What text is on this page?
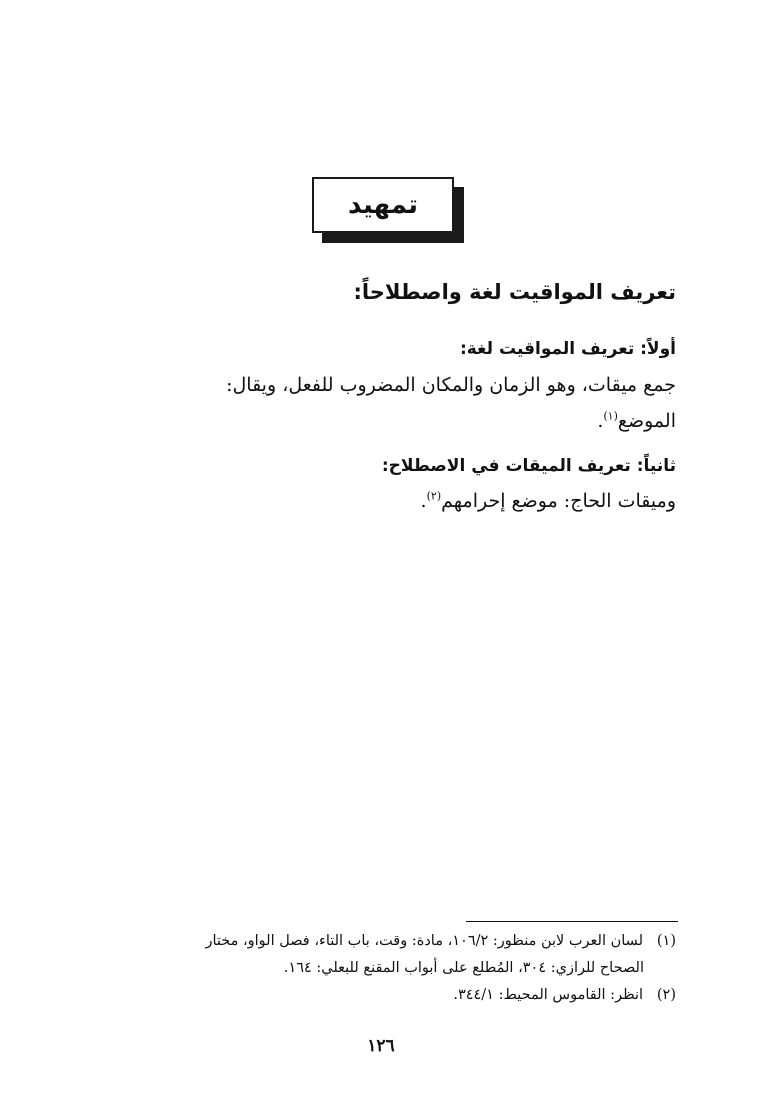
تمهيد
تعريف المواقيت لغة واصطلاحاً:
أولاً: تعريف المواقيت لغة:
جمع ميقات، وهو الزمان والمكان المضروب للفعل، ويقال:
الموضع$^{(١)}$.
ثانياً: تعريف الميقات في الاصطلاح:
وميقات الحاج: موضع إحرامهم$^{(٢)}$.
(١)   لسان العرب لابن منظور: ١٠٦/٢، مادة: وقت، باب التاء، فصل الواو، مختار
الصحاح للرازي: ٣٠٤، المُطلع على أبواب المقنع للبعلي: ١٦٤.
(٢)   انظر: القاموس المحيط: ٣٤٤/١.
١٢٦
